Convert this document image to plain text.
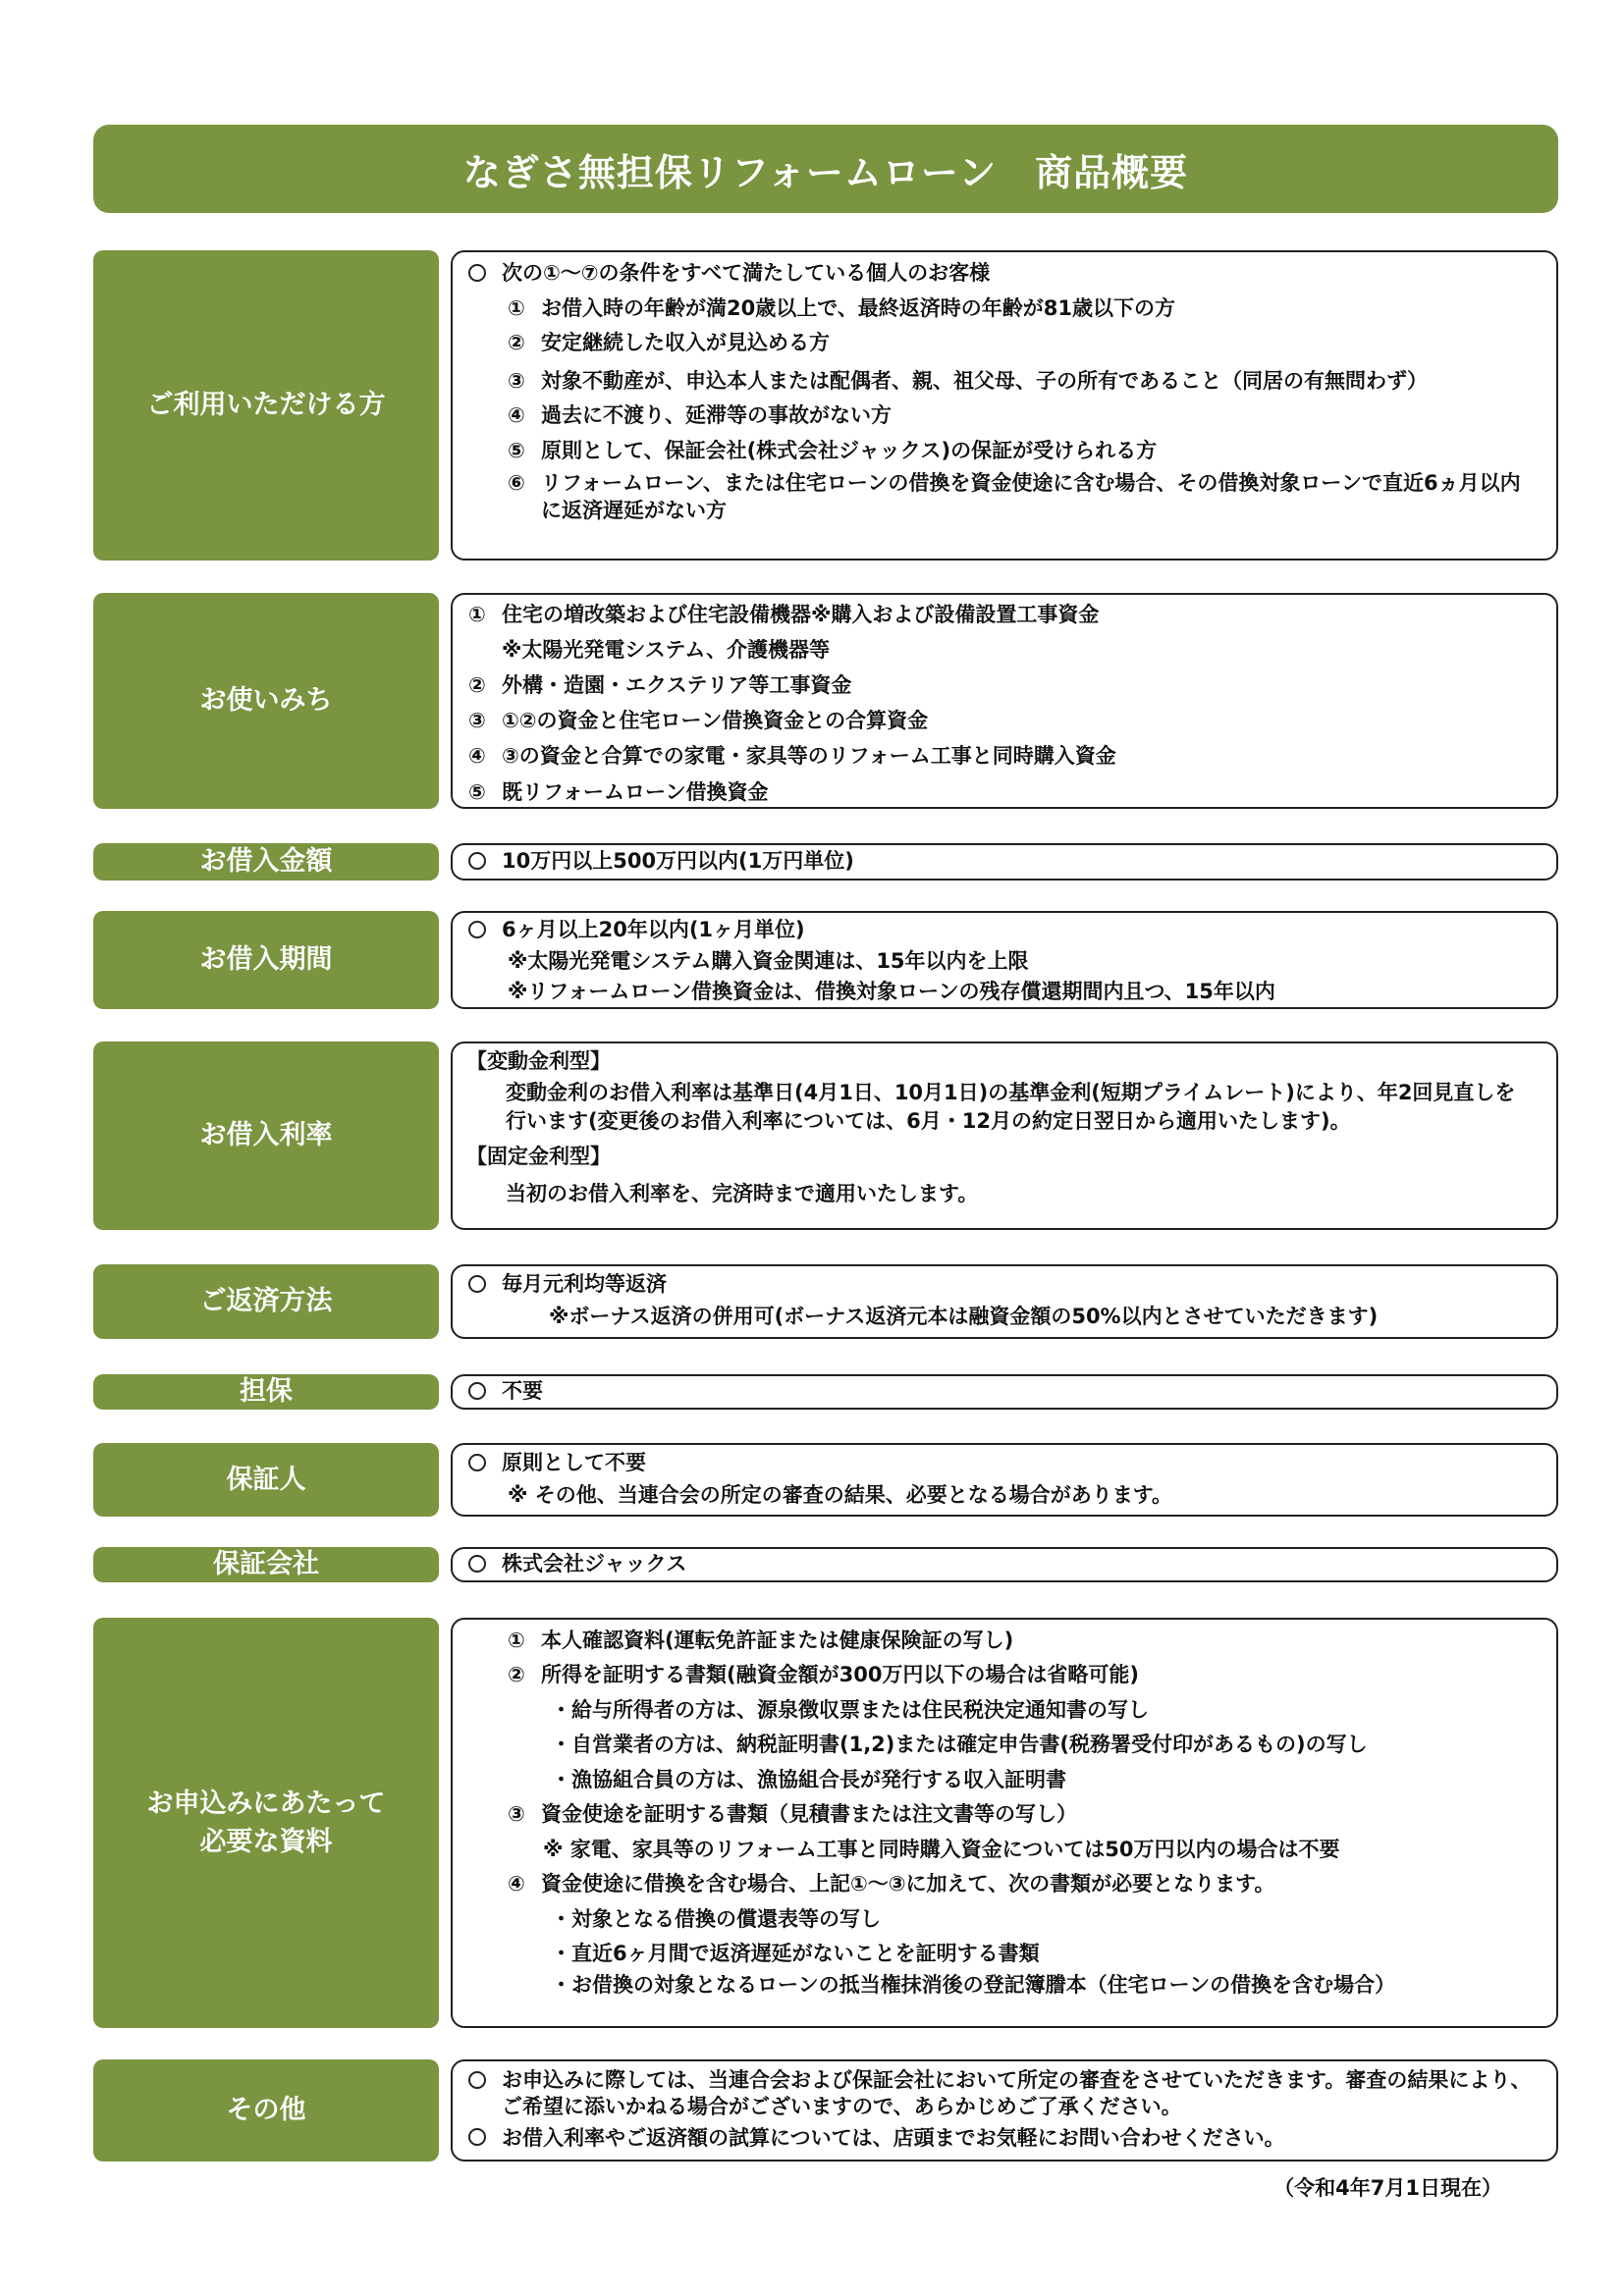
なぎさ無担保リフォームローン　商品概要
ご利用いただける方
次の①～⑦の条件をすべて満たしている個人のお客様
① お借入時の年齢が満20歳以上で、最終返済時の年齢が81歳以下の方
② 安定継続した収入が見込める方
③ 対象不動産が、申込本人または配偶者、親、祖父母、子の所有であること（同居の有無問わず）
④ 過去に不渡り、延滞等の事故がない方
⑤ 原則として、保証会社(株式会社ジャックス)の保証が受けられる方
⑥ リフォームローン、または住宅ローンの借換を資金使途に含む場合、その借換対象ローンで直近6ヵ月以内に返済遅延がない方
お使いみち
① 住宅の増改築および住宅設備機器※購入および設備設置工事資金
※太陽光発電システム、介護機器等
② 外構・造園・エクステリア等工事資金
③ ①②の資金と住宅ローン借換資金との合算資金
④ ③の資金と合算での家電・家具等のリフォーム工事と同時購入資金
⑤ 既リフォームローン借換資金
お借入金額	10万円以上500万円以内(1万円単位)
お借入期間
6ヶ月以上20年以内(1ヶ月単位)
※太陽光発電システム購入資金関連は、15年以内を上限
※リフォームローン借換資金は、借換対象ローンの残存償還期間内且つ、15年以内
お借入利率
【変動金利型】
変動金利のお借入利率は基準日(4月1日、10月1日)の基準金利(短期プライムレート)により、年2回見直しを行います(変更後のお借入利率については、6月・12月の約定日翌日から適用いたします)。
【固定金利型】
当初のお借入利率を、完済時まで適用いたします。
ご返済方法
毎月元利均等返済
※ボーナス返済の併用可(ボーナス返済元本は融資金額の50%以内とさせていただきます)
担保	不要
保証人
原則として不要
※ その他、当連合会の所定の審査の結果、必要となる場合があります。
保証会社	株式会社ジャックス
お申込みにあたって
必要な資料
① 本人確認資料(運転免許証または健康保険証の写し)
② 所得を証明する書類(融資金額が300万円以下の場合は省略可能)
・給与所得者の方は、源泉徴収票または住民税決定通知書の写し
・自営業者の方は、納税証明書(1,2)または確定申告書(税務署受付印があるもの)の写し
・漁協組合員の方は、漁協組合長が発行する収入証明書
③ 資金使途を証明する書類（見積書または注文書等の写し）
※ 家電、家具等のリフォーム工事と同時購入資金については50万円以内の場合は不要
④ 資金使途に借換を含む場合、上記①～③に加えて、次の書類が必要となります。
・対象となる借換の償還表等の写し
・直近6ヶ月間で返済遅延がないことを証明する書類
・お借換の対象となるローンの抵当権抹消後の登記簿謄本（住宅ローンの借換を含む場合）
その他
お申込みに際しては、当連合会および保証会社において所定の審査をさせていただきます。審査の結果により、ご希望に添いかねる場合がございますので、あらかじめご了承ください。
お借入利率やご返済額の試算については、店頭までお気軽にお問い合わせください。
（令和4年7月1日現在）
